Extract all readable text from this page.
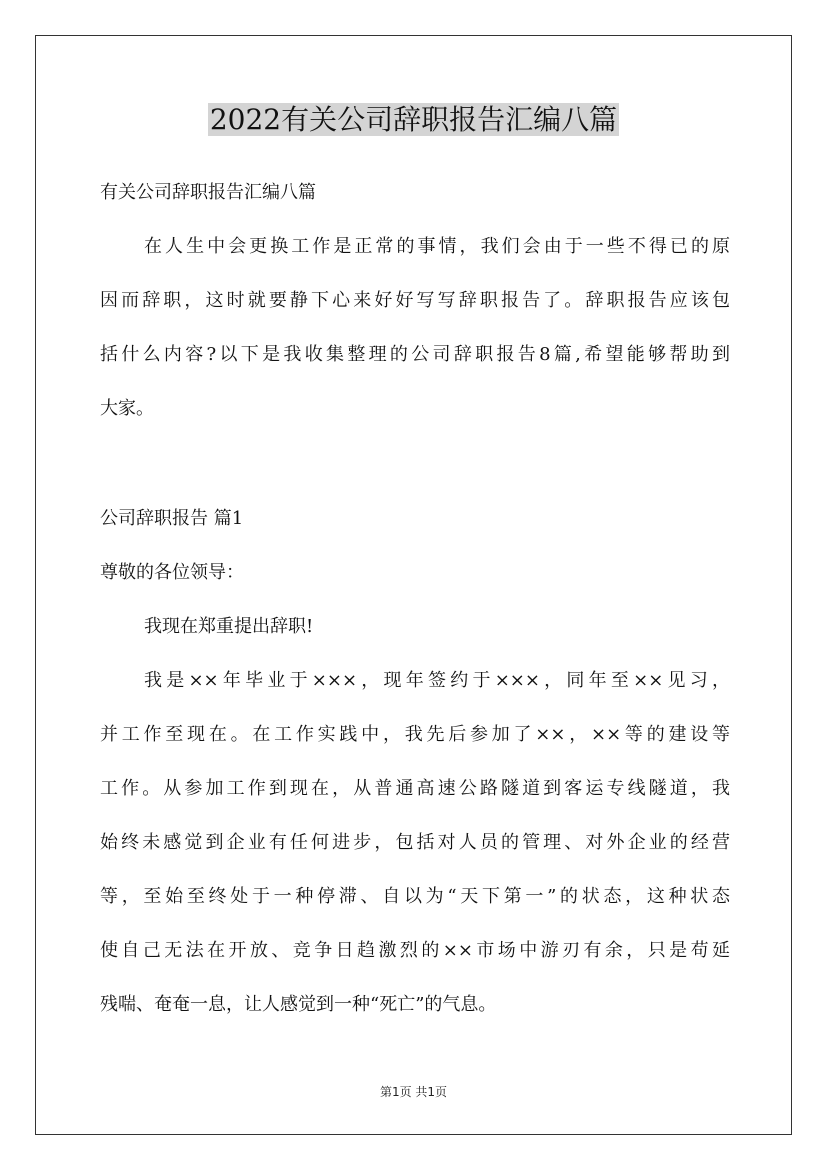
2022有关公司辞职报告汇编八篇
有关公司辞职报告汇编八篇
在人生中会更换工作是正常的事情，我们会由于一些不得已的原
因而辞职，这时就要静下心来好好写写辞职报告了。辞职报告应该包
括什么内容?以下是我收集整理的公司辞职报告8篇,希望能够帮助到
大家。
公司辞职报告 篇1
尊敬的各位领导：
我现在郑重提出辞职!
我是××年毕业于×××，现年签约于×××，同年至××见习，
并工作至现在。在工作实践中，我先后参加了××，××等的建设等
工作。从参加工作到现在，从普通高速公路隧道到客运专线隧道，我
始终未感觉到企业有任何进步，包括对人员的管理、对外企业的经营
等，至始至终处于一种停滞、自以为“天下第一”的状态，这种状态
使自己无法在开放、竞争日趋激烈的××市场中游刃有余，只是苟延
残喘、奄奄一息，让人感觉到一种“死亡”的气息。
第1页 共1页
